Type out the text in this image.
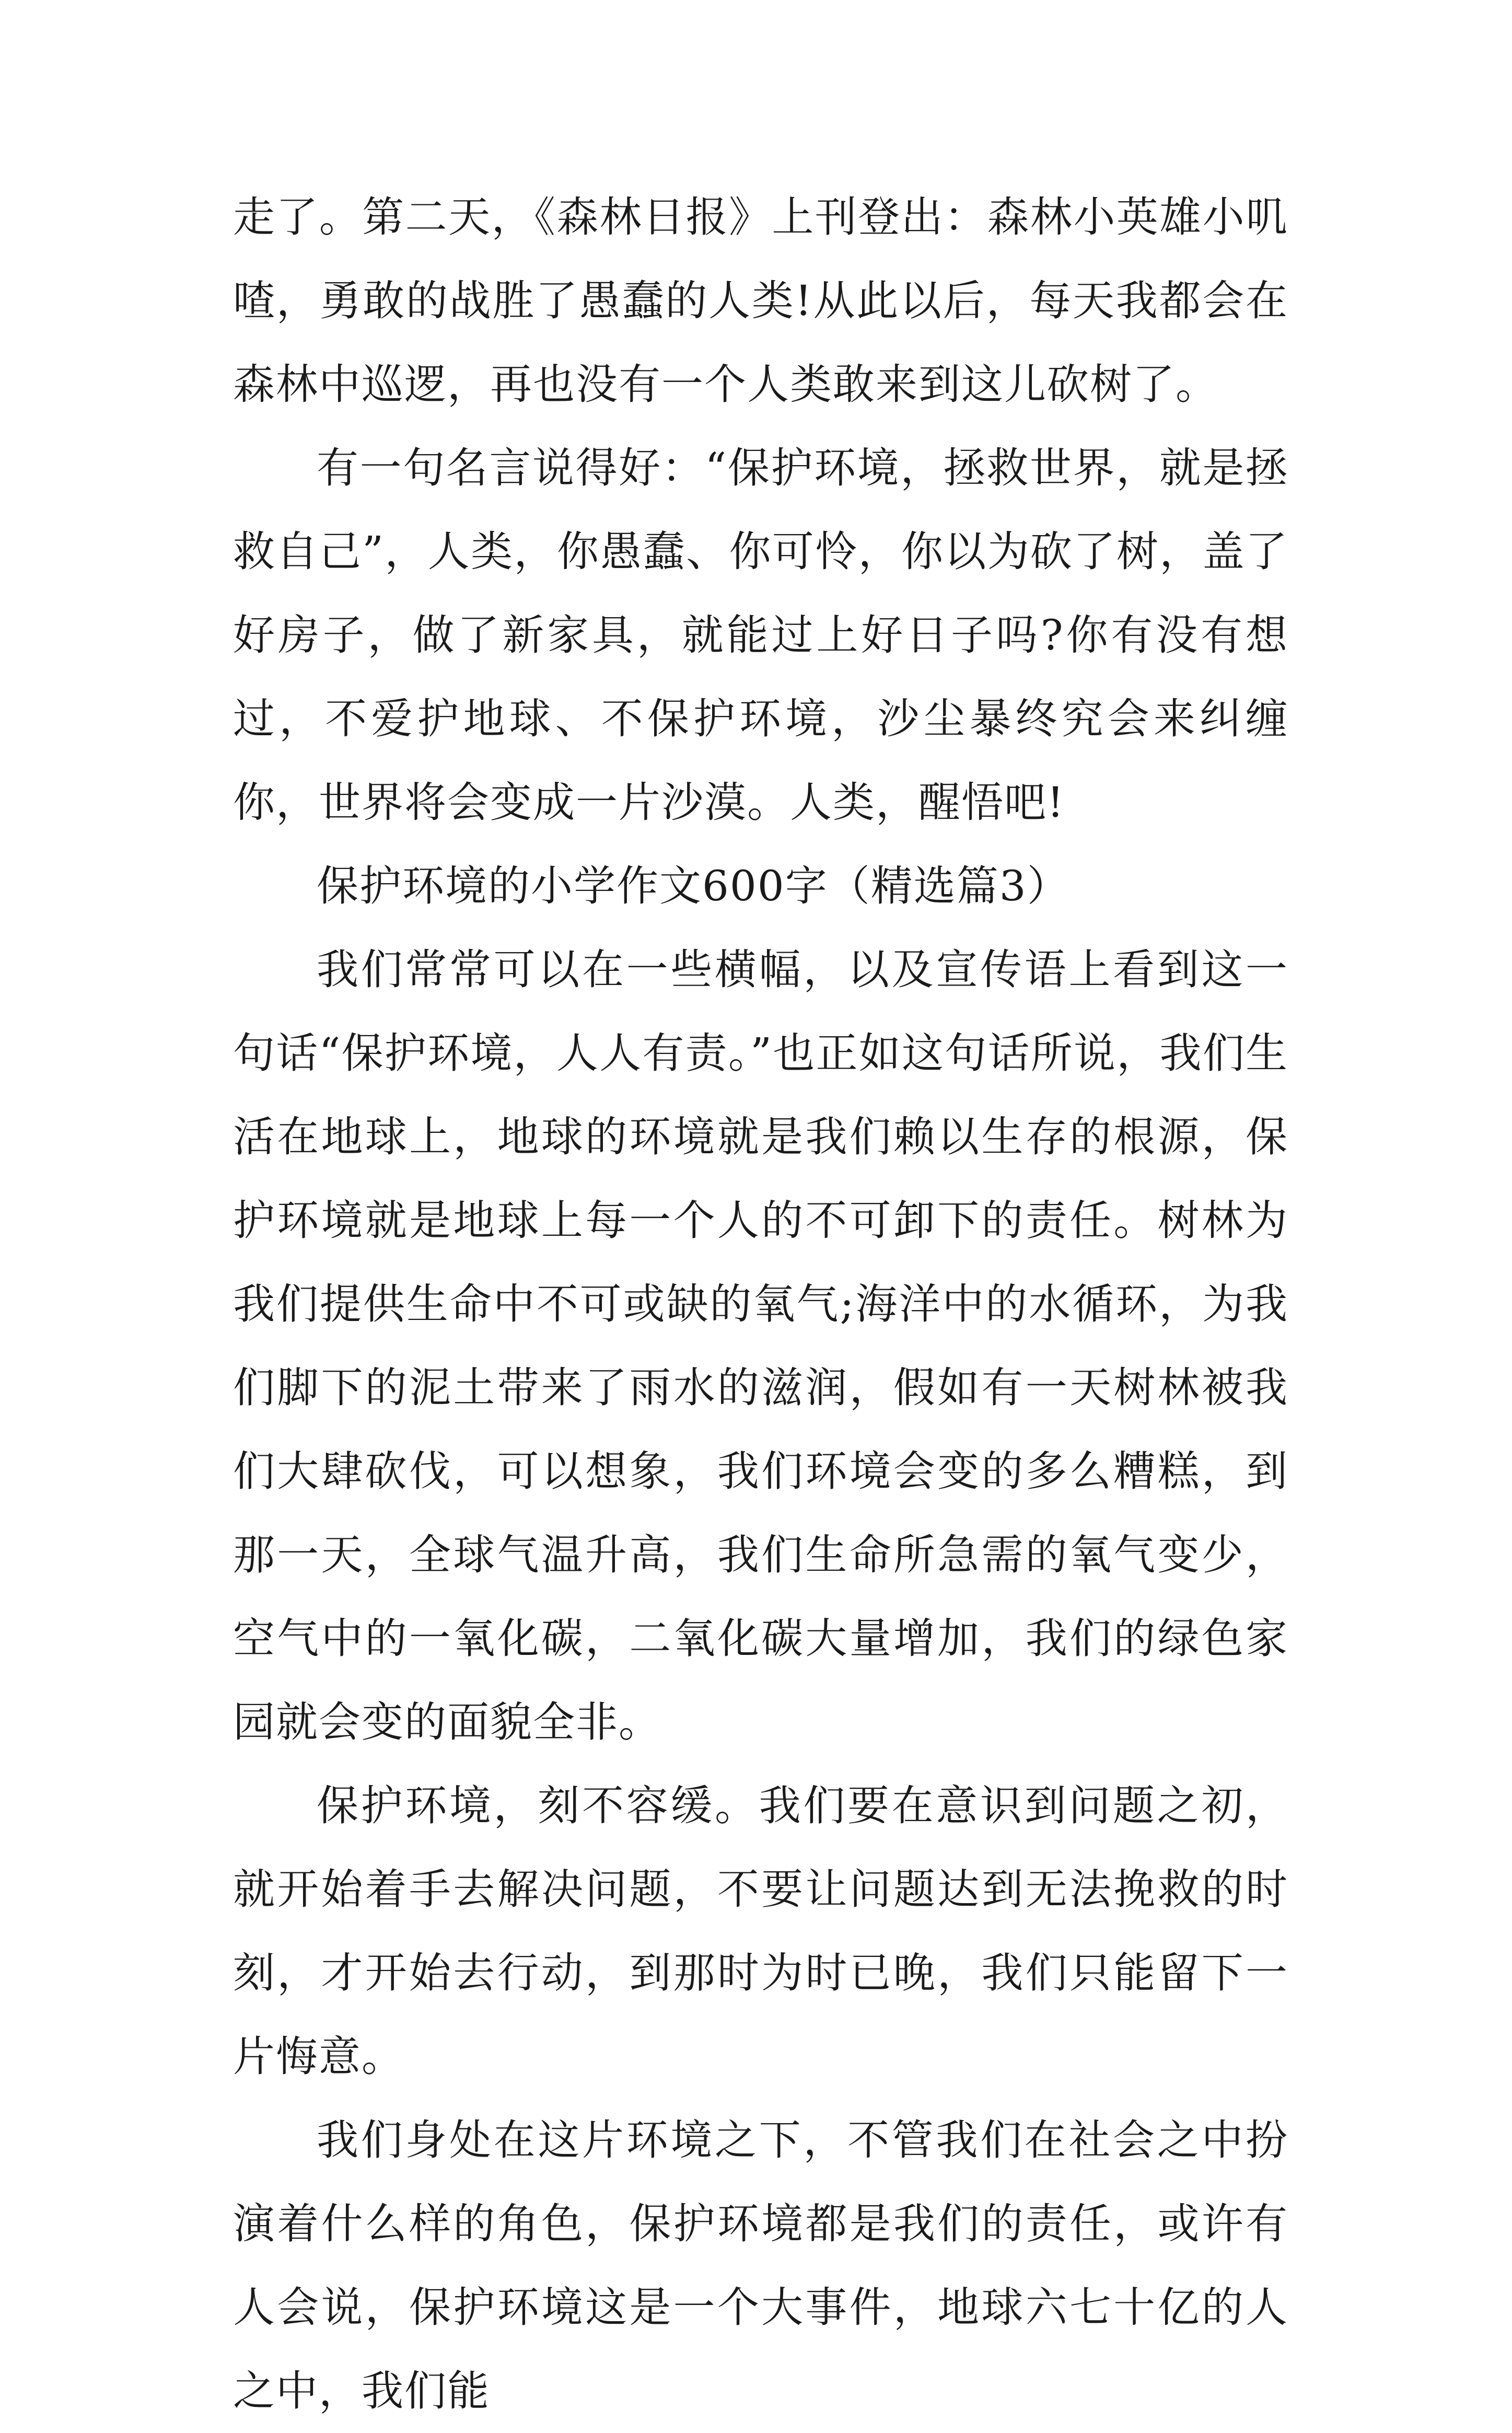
走了。第二天，《森林日报》上刊登出：森林小英雄小叽喳，勇敢的战胜了愚蠢的人类!从此以后，每天我都会在森林中巡逻，再也没有一个人类敢来到这儿砍树了。

有一句名言说得好：“保护环境，拯救世界，就是拯救自己”，人类，你愚蠢、你可怜，你以为砍了树，盖了好房子，做了新家具，就能过上好日子吗?你有没有想过，不爱护地球、不保护环境，沙尘暴终究会来纠缠你，世界将会变成一片沙漠。人类，醒悟吧!

保护环境的小学作文600字（精选篇3）

我们常常可以在一些横幅，以及宣传语上看到这一句话“保护环境，人人有责。”也正如这句话所说，我们生活在地球上，地球的环境就是我们赖以生存的根源，保护环境就是地球上每一个人的不可卸下的责任。树林为我们提供生命中不可或缺的氧气;海洋中的水循环，为我们脚下的泥土带来了雨水的滋润，假如有一天树林被我们大肆砍伐，可以想象，我们环境会变的多么糟糕，到那一天，全球气温升高，我们生命所急需的氧气变少，空气中的一氧化碳，二氧化碳大量增加，我们的绿色家园就会变的面貌全非。

保护环境，刻不容缓。我们要在意识到问题之初，就开始着手去解决问题，不要让问题达到无法挽救的时刻，才开始去行动，到那时为时已晚，我们只能留下一片悔意。

我们身处在这片环境之下，不管我们在社会之中扮演着什么样的角色，保护环境都是我们的责任，或许有人会说，保护环境这是一个大事件，地球六七十亿的人之中，我们能
